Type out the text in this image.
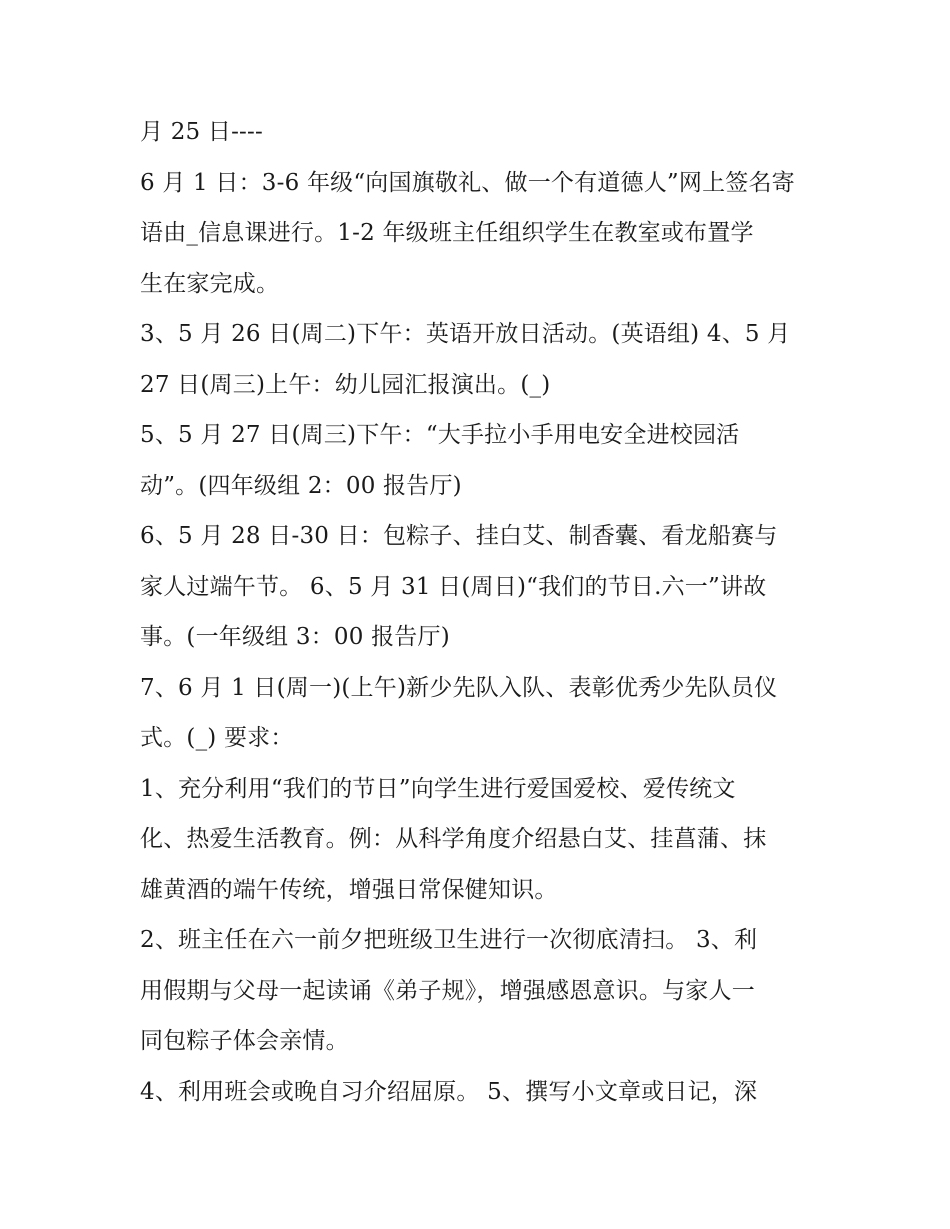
月 25 日----
6 月 1 日：3-6 年级“向国旗敬礼、做一个有道德人”网上签名寄
语由_信息课进行。1-2 年级班主任组织学生在教室或布置学
生在家完成。
3、5 月 26 日(周二)下午：英语开放日活动。(英语组) 4、5 月
27 日(周三)上午：幼儿园汇报演出。(_)
5、5 月 27 日(周三)下午：“大手拉小手用电安全进校园活
动”。(四年级组 2：00 报告厅)
6、5 月 28 日-30 日：包粽子、挂白艾、制香囊、看龙船赛与
家人过端午节。 6、5 月 31 日(周日)“我们的节日.六一”讲故
事。(一年级组 3：00 报告厅)
7、6 月 1 日(周一)(上午)新少先队入队、表彰优秀少先队员仪
式。(_) 要求：
1、充分利用“我们的节日”向学生进行爱国爱校、爱传统文
化、热爱生活教育。例：从科学角度介绍悬白艾、挂菖蒲、抹
雄黄酒的端午传统，增强日常保健知识。
2、班主任在六一前夕把班级卫生进行一次彻底清扫。 3、利
用假期与父母一起读诵《弟子规》，增强感恩意识。与家人一
同包粽子体会亲情。
4、利用班会或晚自习介绍屈原。 5、撰写小文章或日记，深
